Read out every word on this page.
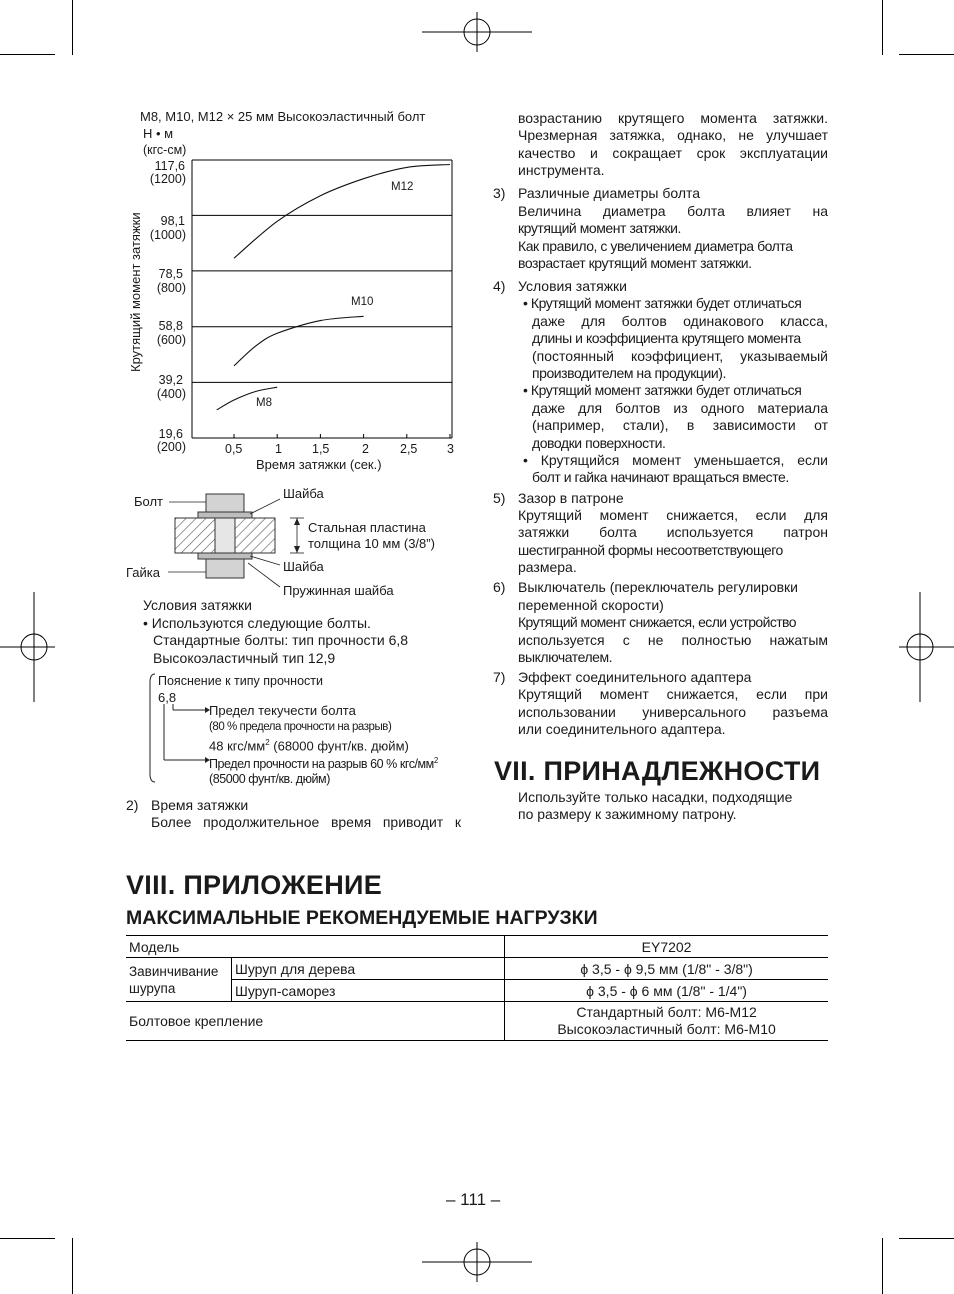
M8, M10, M12 × 25 мм Высокоэластичный болт
Н • м
(кгс-см)
117,6
(1200)
98,1
(1000)
78,5
(800)
58,8
(600)
39,2
(400)
19,6
(200)
Крутящий момент затяжки
0,5	1 1,5	2 2,5 3
Время затяжки (сек.)
M12
M10
M8
Болт
Шайба
Стальная пластина
толщина 10 мм (3/8”)
Шайба
Гайка
Пружинная шайба
Условия затяжки
• Используются следующие болты.
Стандартные болты: тип прочности 6,8
Высокоэластичный тип 12,9
Пояснение к типу прочности
6,8
Предел текучести болта
(80 % предела прочности на разрыв)
48 кгс/$мм^2$ (68000 фунт/кв. дюйм)
Предел прочности на разрыв 60 % кгс/$мм^2$
(85000 фунт/кв. дюйм)
2) Время затяжки
Более продолжительное время приводит к
возрастанию крутящего момента затяжки.
Чрезмерная затяжка, однако, не улучшает
качество и сокращает срок эксплуатации
инструмента.
3) Различные диаметры болта
Величина диаметра болта влияет на
крутящий момент затяжки.
Как правило, с увеличением диаметра болта
возрастает крутящий момент затяжки.
4) Условия затяжки
• Крутящий момент затяжки будет отличаться
даже для болтов одинакового класса,
длины и коэффициента крутящего момента
(постоянный коэффициент, указываемый
производителем на продукции).
• Крутящий момент затяжки будет отличаться
даже для болтов из одного материала
(например, стали), в зависимости от
доводки поверхности.
• Крутящийся момент уменьшается, если
болт и гайка начинают вращаться вместе.
5) Зазор в патроне
Крутящий момент снижается, если для
затяжки болта используется патрон
шестигранной формы несоответствующего
размера.
6) Выключатель (переключатель регулировки
переменной скорости)
Крутящий момент снижается, если устройство
используется с не полностью нажатым
выключателем.
7) Эффект соединительного адаптера
Крутящий момент снижается, если при
использовании универсального разъема
или соединительного адаптера.
VII. ПРИНАДЛЕЖНОСТИ
Используйте только насадки, подходящие
по размеру к зажимному патрону.
VIII. ПРИЛОЖЕНИЕ
МАКСИМАЛЬНЫЕ РЕКОМЕНДУЕМЫЕ НАГРУЗКИ
Модель		EY7202

Завинчивание
шурупа	Шуруп для дерева	ϕ 3,5 - ϕ 9,5 мм (1/8" - 3/8")
	Шуруп-саморез	ϕ 3,5 - ϕ 6 мм (1/8" - 1/4")
Болтовое крепление		Стандартный болт: M6-M12
Высокоэластичный болт: M6-M10
– 111 –
